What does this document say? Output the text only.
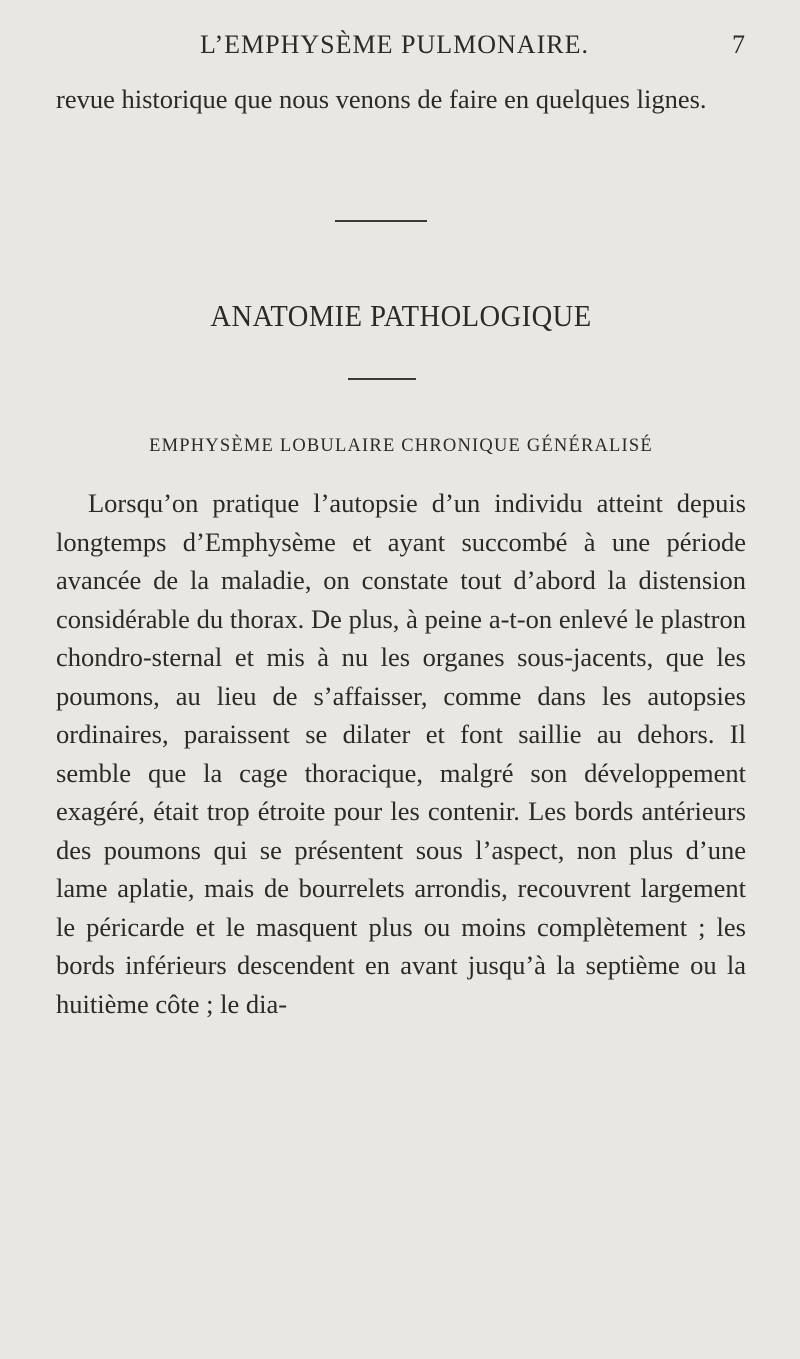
L’EMPHYSÈME PULMONAIRE.	7

revue historique que nous venons de faire en quelques lignes.

ANATOMIE PATHOLOGIQUE
EMPHYSÈME LOBULAIRE CHRONIQUE GÉNÉRALISÉ

Lorsqu’on pratique l’autopsie d’un individu atteint depuis longtemps d’Emphysème et ayant succombé à une période avancée de la maladie, on constate tout d’abord la distension considérable du thorax. De plus, à peine a-t-on enlevé le plastron chondro-sternal et mis à nu les organes sous-jacents, que les poumons, au lieu de s’affaisser, comme dans les autopsies ordinaires, paraissent se dilater et font saillie au dehors. Il semble que la cage thoracique, malgré son développement exagéré, était trop étroite pour les contenir. Les bords antérieurs des poumons qui se présentent sous l’aspect, non plus d’une lame aplatie, mais de bourrelets arrondis, recouvrent largement le péricarde et le masquent plus ou moins complètement ; les bords inférieurs descendent en avant jusqu’à la septième ou la huitième côte ; le dia-
